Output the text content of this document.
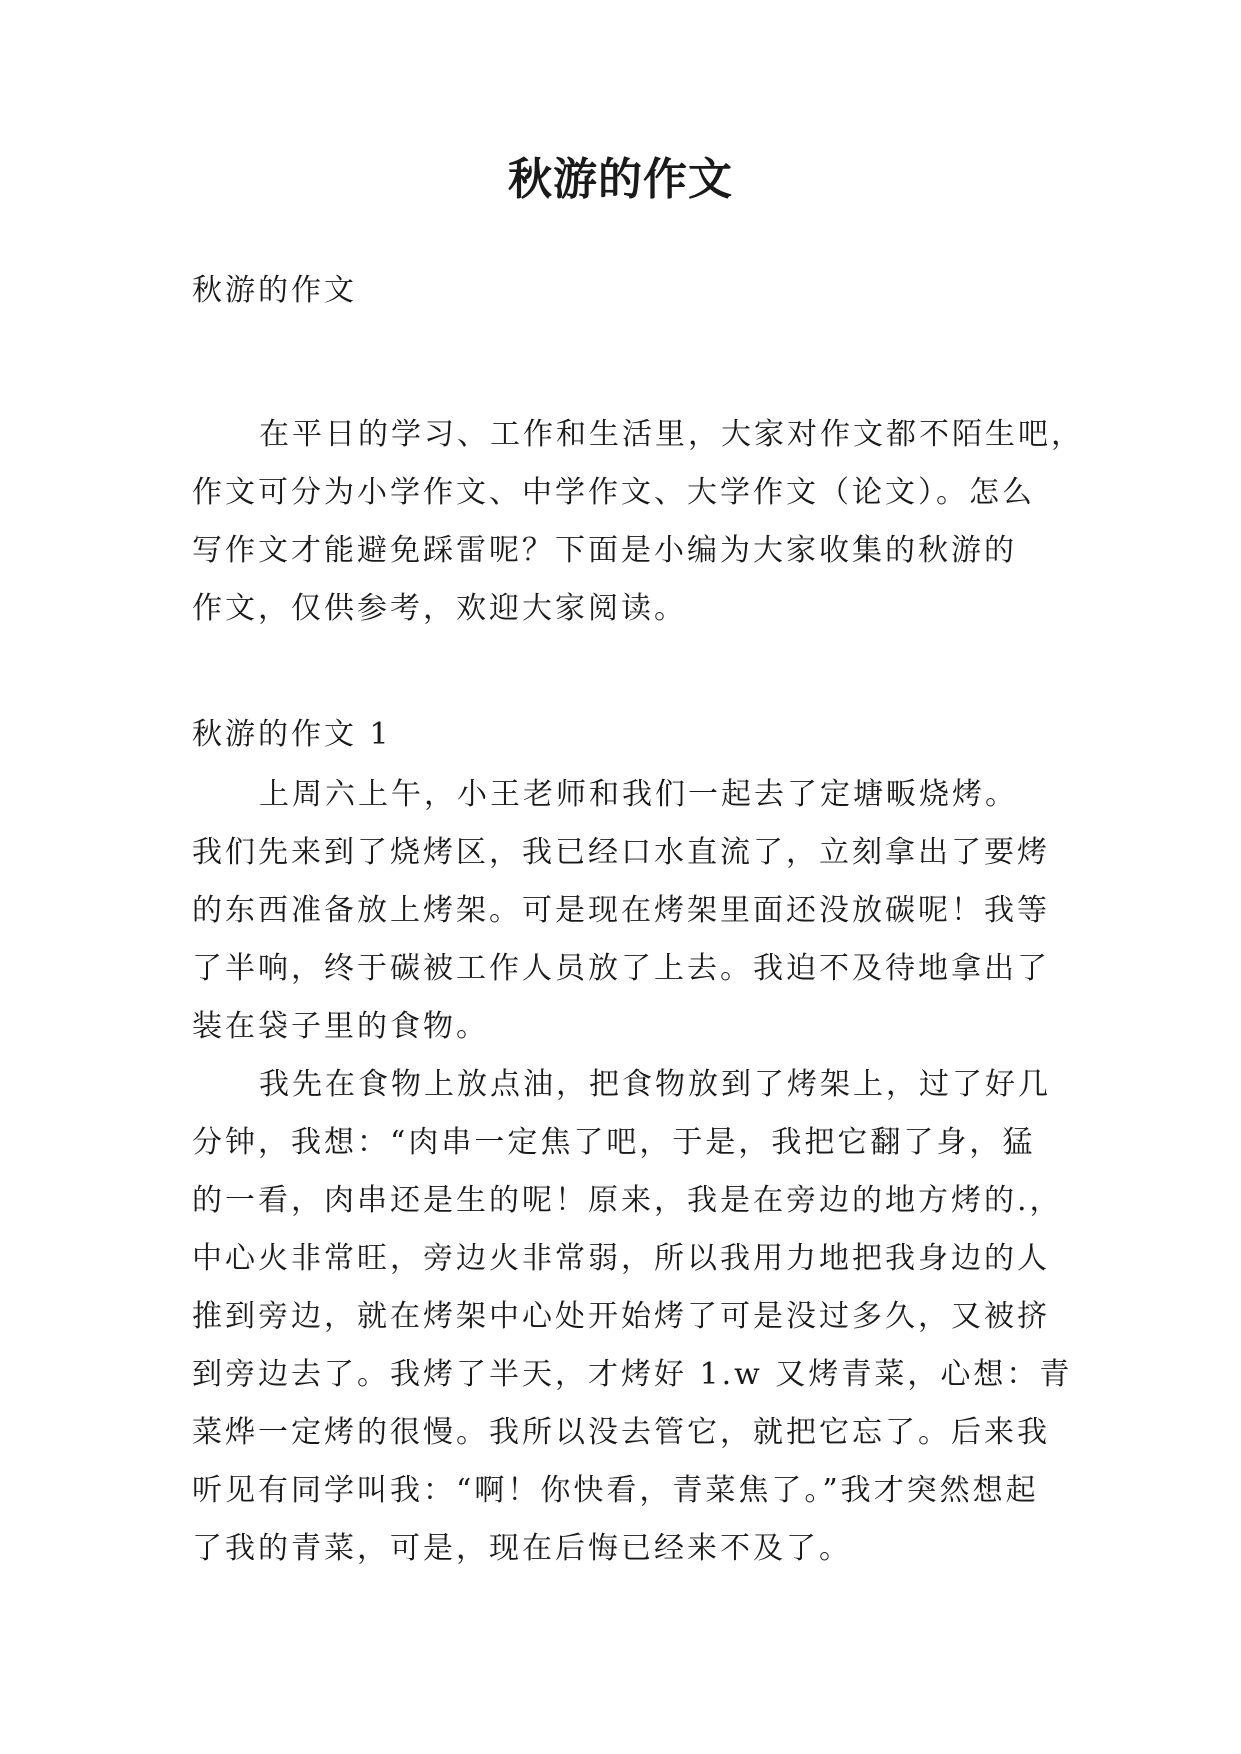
秋游的作文
秋游的作文
在平日的学习、工作和生活里，大家对作文都不陌生吧，
作文可分为小学作文、中学作文、大学作文（论文）。怎么
写作文才能避免踩雷呢？下面是小编为大家收集的秋游的
作文，仅供参考，欢迎大家阅读。
秋游的作文 1
上周六上午，小王老师和我们一起去了定塘畈烧烤。
我们先来到了烧烤区，我已经口水直流了，立刻拿出了要烤
的东西准备放上烤架。可是现在烤架里面还没放碳呢！我等
了半响，终于碳被工作人员放了上去。我迫不及待地拿出了
装在袋子里的食物。
我先在食物上放点油，把食物放到了烤架上，过了好几
分钟，我想：“肉串一定焦了吧，于是，我把它翻了身，猛
的一看，肉串还是生的呢！原来，我是在旁边的地方烤的.，
中心火非常旺，旁边火非常弱，所以我用力地把我身边的人
推到旁边，就在烤架中心处开始烤了可是没过多久，又被挤
到旁边去了。我烤了半天，才烤好 1.w 又烤青菜，心想：青
菜烨一定烤的很慢。我所以没去管它，就把它忘了。后来我
听见有同学叫我：“啊！你快看，青菜焦了。”我才突然想起
了我的青菜，可是，现在后悔已经来不及了。
